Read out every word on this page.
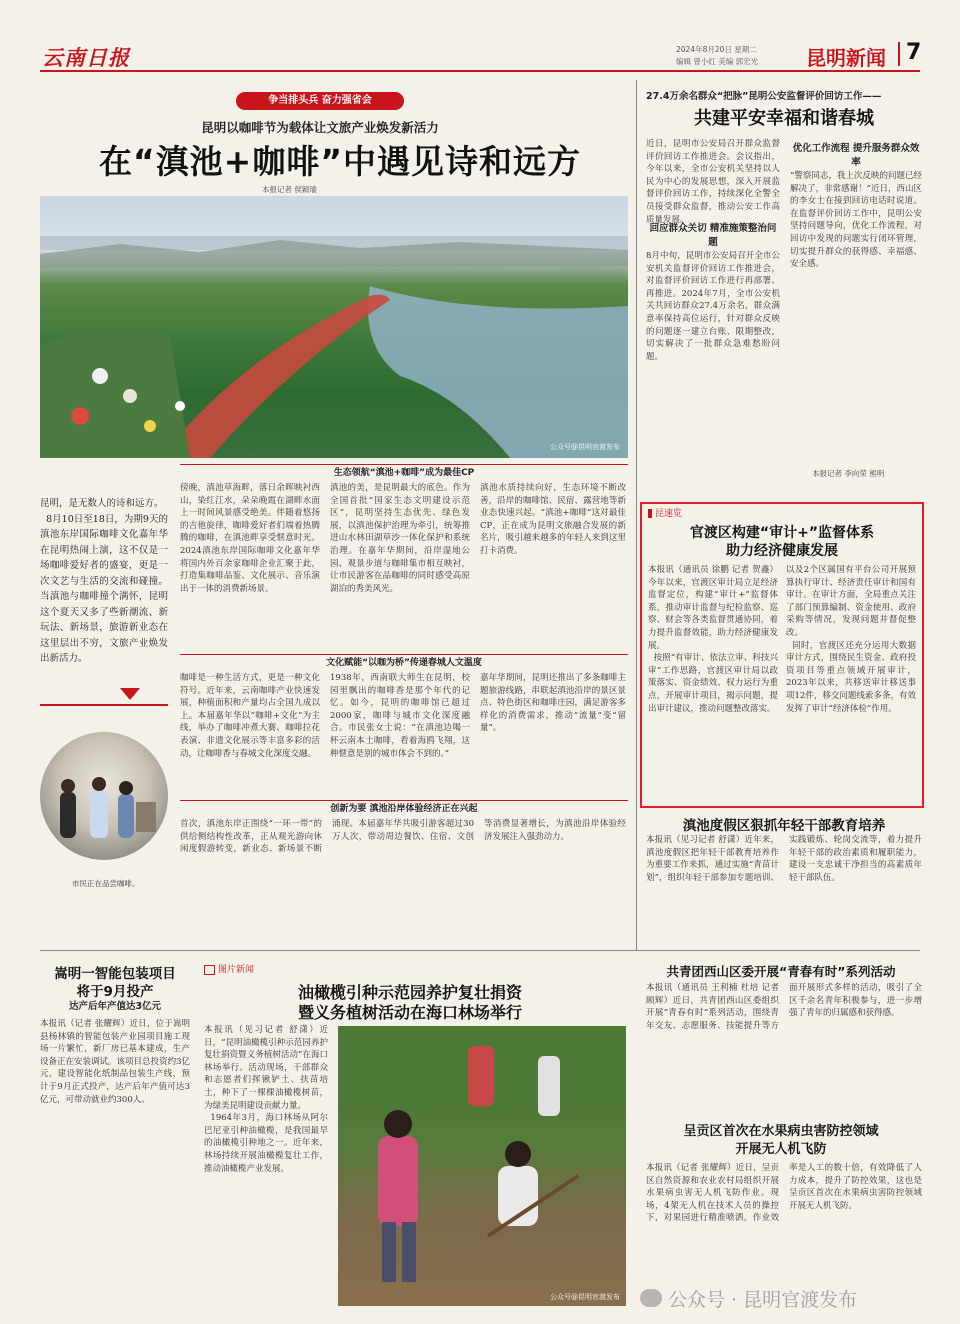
云南日报	2024年8月20日 星期二
编辑 曾小红 美编 郭宏光 昆明新闻 7
争当排头兵 奋力强省会
昆明以咖啡节为载体让文旅产业焕发新活力
在“滇池+咖啡”中遇见诗和远方
本报记者 侯颖瑜
公众号@昆明官渡发布
生态领航“滇池+咖啡”成为最佳CP
昆明，是无数人的诗和远方。
8月10日至18日，为期9天的滇池东岸国际咖啡文化嘉年华在昆明热闹上演，这不仅是一场咖啡爱好者的盛宴，更是一次文艺与生活的交流和碰撞。当滇池与咖啡撞个满怀，昆明这个夏天又多了些新潮流、新玩法、新场景，旅游新业态在这里层出不穷，文旅产业焕发出新活力。
傍晚，滇池草海畔，落日余晖映衬西山，染红江水，朵朵晚霞在湖畔水面上一时间风景感受绝美。伴随着悠扬的吉他旋律，咖啡爱好者们端着热腾腾的咖啡，在滇池畔享受惬意时光。2024滇池东岸国际咖啡文化嘉年华将国内外百余家咖啡企业汇聚于此，打造集咖啡品鉴、文化展示、音乐演出于一体的消费新场景。
滇池的美，是昆明最大的底色。作为全国首批“国家生态文明建设示范区”，昆明坚持生态优先、绿色发展，以滇池保护治理为牵引，统筹推进山水林田湖草沙一体化保护和系统治理。在嘉年华期间，沿岸湿地公园、观景步道与咖啡集市相互映衬，让市民游客在品咖啡的同时感受高原湖泊的秀美风光。
滇池水质持续向好，生态环境不断改善，沿岸的咖啡馆、民宿、露营地等新业态快速兴起。“滇池+咖啡”这对最佳CP，正在成为昆明文旅融合发展的新名片，吸引越来越多的年轻人来到这里打卡消费。
文化赋能“以咖为桥”传递春城人文温度
咖啡是一种生活方式，更是一种文化符号。近年来，云南咖啡产业快速发展，种植面积和产量均占全国九成以上。本届嘉年华以“咖啡+文化”为主线，举办了咖啡冲煮大赛、咖啡拉花表演、非遗文化展示等丰富多彩的活动，让咖啡香与春城文化深度交融。
1938年，西南联大师生在昆明，校园里飘出的咖啡香是那个年代的记忆。如今，昆明的咖啡馆已超过2000家，咖啡与城市文化深度融合。市民张女士说：“在滇池边喝一杯云南本土咖啡，看着海鸥飞翔，这种惬意是别的城市体会不到的。”
嘉年华期间，昆明还推出了多条咖啡主题旅游线路，串联起滇池沿岸的景区景点、特色街区和咖啡庄园，满足游客多样化的消费需求，推动“流量”变“留量”。
市民正在品尝咖啡。
创新为要 滇池沿岸体验经济正在兴起
首次，滇池东岸正围绕“一环一带”的供给侧结构性改革，正从观光游向休闲度假游转变，新业态、新场景不断涌现。本届嘉年华共吸引游客超过30万人次，带动周边餐饮、住宿、文创等消费显著增长，为滇池沿岸体验经济发展注入强劲动力。
27.4万余名群众“把脉”昆明公安监督评价回访工作——
共建平安幸福和谐春城
近日，昆明市公安局召开群众监督评价回访工作推进会。会议指出，今年以来，全市公安机关坚持以人民为中心的发展思想，深入开展监督评价回访工作，持续深化全警全员接受群众监督，推动公安工作高质量发展。
回应群众关切 精准施策整治问题
8月中旬，昆明市公安局召开全市公安机关监督评价回访工作推进会，对监督评价回访工作进行再部署、再推进。2024年7月，全市公安机关共回访群众27.4万余名，群众满意率保持高位运行，针对群众反映的问题逐一建立台账、限期整改，切实解决了一批群众急难愁盼问题。
优化工作流程 提升服务群众效率
“警察同志，我上次反映的问题已经解决了，非常感谢！”近日，西山区的李女士在接到回访电话时说道。在监督评价回访工作中，昆明公安坚持问题导向，优化工作流程，对回访中发现的问题实行闭环管理，切实提升群众的获得感、幸福感、安全感。
本报记者 李向荣 熊明
昆速览
官渡区构建“审计+”监督体系
助力经济健康发展
本报讯（通讯员 徐鹏 记者 贺鑫）今年以来，官渡区审计局立足经济监督定位，构建“审计+”监督体系，推动审计监督与纪检监察、巡察、财会等各类监督贯通协同，着力提升监督效能，助力经济健康发展。
按照“有审计、依法立审、科技兴审”工作思路，官渡区审计局以政策落实、资金绩效、权力运行为重点，开展审计项目，揭示问题，提出审计建议，推动问题整改落实。
以及2个区属国有平台公司开展预算执行审计、经济责任审计和国有审计。在审计方面，全局重点关注了部门预算编制、资金使用、政府采购等情况，发现问题并督促整改。
同时，官渡区还充分运用大数据审计方式，围绕民生资金、政府投资项目等重点领域开展审计，2023年以来，共移送审计移送事项12件，移交问题线索多条，有效发挥了审计“经济体检”作用。
滇池度假区狠抓年轻干部教育培养
本报讯（见习记者 舒潇）近年来，滇池度假区把年轻干部教育培养作为重要工作来抓，通过实施“青苗计划”，组织年轻干部参加专题培训、实践锻炼、轮岗交流等，着力提升年轻干部的政治素质和履职能力，建设一支忠诚干净担当的高素质年轻干部队伍。
嵩明一智能包装项目
将于9月投产
达产后年产值达3亿元
本报讯（记者 张耀辉）近日，位于嵩明县杨林镇的智能包装产业园项目施工现场一片繁忙，新厂房已基本建成，生产设备正在安装调试。该项目总投资约3亿元，建设智能化纸制品包装生产线，预计于9月正式投产，达产后年产值可达3亿元，可带动就业约300人。
图片新闻
油橄榄引种示范园养护复壮捐资
暨义务植树活动在海口林场举行
本报讯（见习记者 舒潇）近日，“昆明油橄榄引种示范园养护复壮捐资暨义务植树活动”在海口林场举行。活动现场，干部群众和志愿者们挥锹铲土、扶苗培土，种下了一棵棵油橄榄树苗，为绿美昆明建设贡献力量。
1964年3月，海口林场从阿尔巴尼亚引种油橄榄，是我国最早的油橄榄引种地之一。近年来，林场持续开展油橄榄复壮工作，推动油橄榄产业发展。
公众号@昆明官渡发布
共青团西山区委开展“青春有时”系列活动
本报讯（通讯员 王利楠 杜培 记者 顾辉）近日，共青团西山区委组织开展“青春有时”系列活动，围绕青年交友、志愿服务、技能提升等方面开展形式多样的活动，吸引了全区千余名青年积极参与，进一步增强了青年的归属感和获得感。
呈贡区首次在水果病虫害防控领域
开展无人机飞防
本报讯（记者 张耀辉）近日，呈贡区自然资源和农业农村局组织开展水果病虫害无人机飞防作业。现场，4架无人机在技术人员的操控下，对果园进行精准喷洒，作业效率是人工的数十倍，有效降低了人力成本，提升了防控效果，这也是呈贡区首次在水果病虫害防控领域开展无人机飞防。
公众号 · 昆明官渡发布
